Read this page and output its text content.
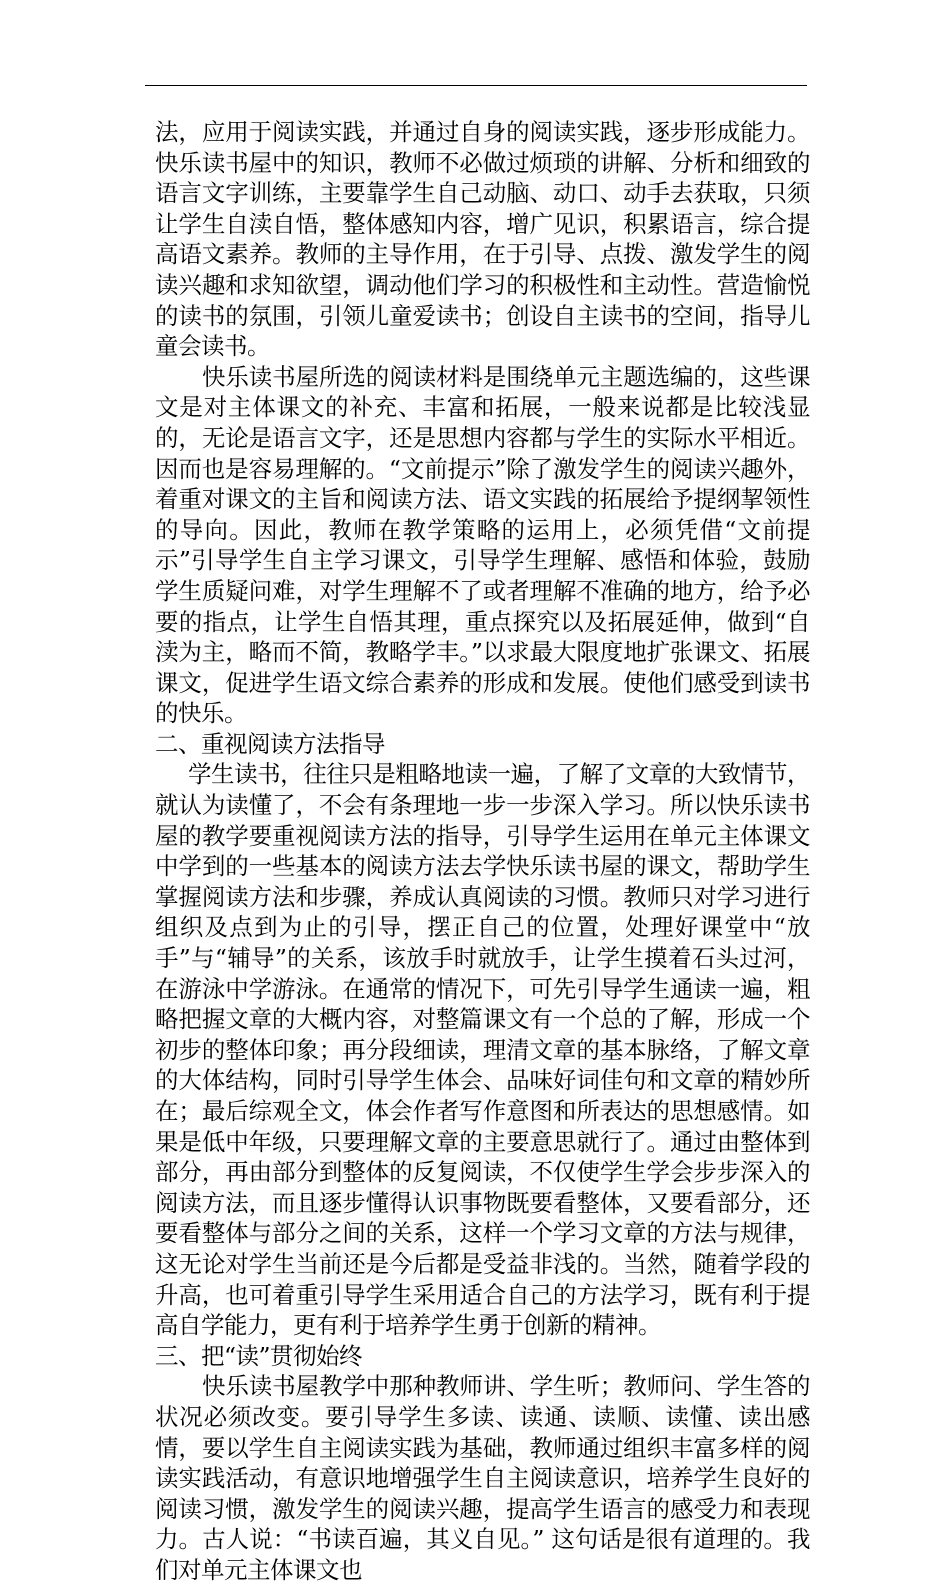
法，应用于阅读实践，并通过自身的阅读实践，逐步形成能力。快乐读书屋中的知识，教师不必做过烦琐的讲解、分析和细致的语言文字训练，主要靠学生自己动脑、动口、动手去获取，只须让学生自渎自悟，整体感知内容，增广见识，积累语言，综合提高语文素养。教师的主导作用，在于引导、点拨、激发学生的阅读兴趣和求知欲望，调动他们学习的积极性和主动性。营造愉悦的读书的氛围，引领儿童爱读书；创设自主读书的空间，指导儿童会读书。

快乐读书屋所选的阅读材料是围绕单元主题选编的，这些课文是对主体课文的补充、丰富和拓展，一般来说都是比较浅显的，无论是语言文字，还是思想内容都与学生的实际水平相近。因而也是容易理解的。“文前提示”除了激发学生的阅读兴趣外，着重对课文的主旨和阅读方法、语文实践的拓展给予提纲挈领性的导向。因此，教师在教学策略的运用上，必须凭借“文前提示”引导学生自主学习课文，引导学生理解、感悟和体验，鼓励学生质疑问难，对学生理解不了或者理解不准确的地方，给予必要的指点，让学生自悟其理，重点探究以及拓展延伸，做到“自渎为主，略而不简，教略学丰。”以求最大限度地扩张课文、拓展课文，促进学生语文综合素养的形成和发展。使他们感受到读书的快乐。

二、重视阅读方法指导

学生读书，往往只是粗略地读一遍，了解了文章的大致情节，就认为读懂了，不会有条理地一步一步深入学习。所以快乐读书屋的教学要重视阅读方法的指导，引导学生运用在单元主体课文中学到的一些基本的阅读方法去学快乐读书屋的课文，帮助学生掌握阅读方法和步骤，养成认真阅读的习惯。教师只对学习进行组织及点到为止的引导，摆正自己的位置，处理好课堂中“放手”与“辅导”的关系，该放手时就放手，让学生摸着石头过河，在游泳中学游泳。在通常的情况下，可先引导学生通读一遍，粗略把握文章的大概内容，对整篇课文有一个总的了解，形成一个初步的整体印象；再分段细读，理清文章的基本脉络，了解文章的大体结构，同时引导学生体会、品味好词佳句和文章的精妙所在；最后综观全文，体会作者写作意图和所表达的思想感情。如果是低中年级，只要理解文章的主要意思就行了。通过由整体到部分，再由部分到整体的反复阅读，不仅使学生学会步步深入的阅读方法，而且逐步懂得认识事物既要看整体，又要看部分，还要看整体与部分之间的关系，这样一个学习文章的方法与规律，这无论对学生当前还是今后都是受益非浅的。当然，随着学段的升高，也可着重引导学生采用适合自己的方法学习，既有利于提高自学能力，更有利于培养学生勇于创新的精神。

三、把“读”贯彻始终

快乐读书屋教学中那种教师讲、学生听；教师问、学生答的状况必须改变。要引导学生多读、读通、读顺、读懂、读出感情，要以学生自主阅读实践为基础，教师通过组织丰富多样的阅读实践活动，有意识地增强学生自主阅读意识，培养学生良好的阅读习惯，激发学生的阅读兴趣，提高学生语言的感受力和表现力。古人说：“书读百遍，其义自见。” 这句话是很有道理的。我们对单元主体课文也
